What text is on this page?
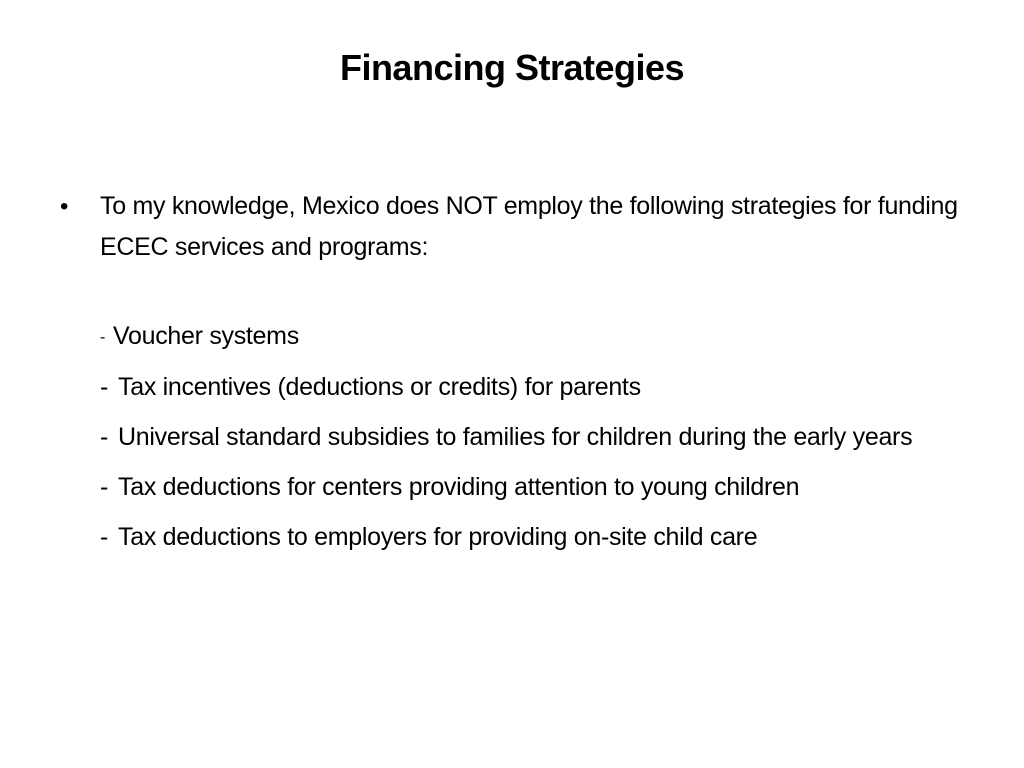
Financing Strategies
•	To my knowledge, Mexico does NOT employ the following strategies for funding ECEC services and programs:
- Voucher systems
- Tax incentives (deductions or credits) for parents
- Universal standard subsidies to families for children during the early years
- Tax deductions for centers providing attention to young children
- Tax deductions to employers for providing on-site child care
